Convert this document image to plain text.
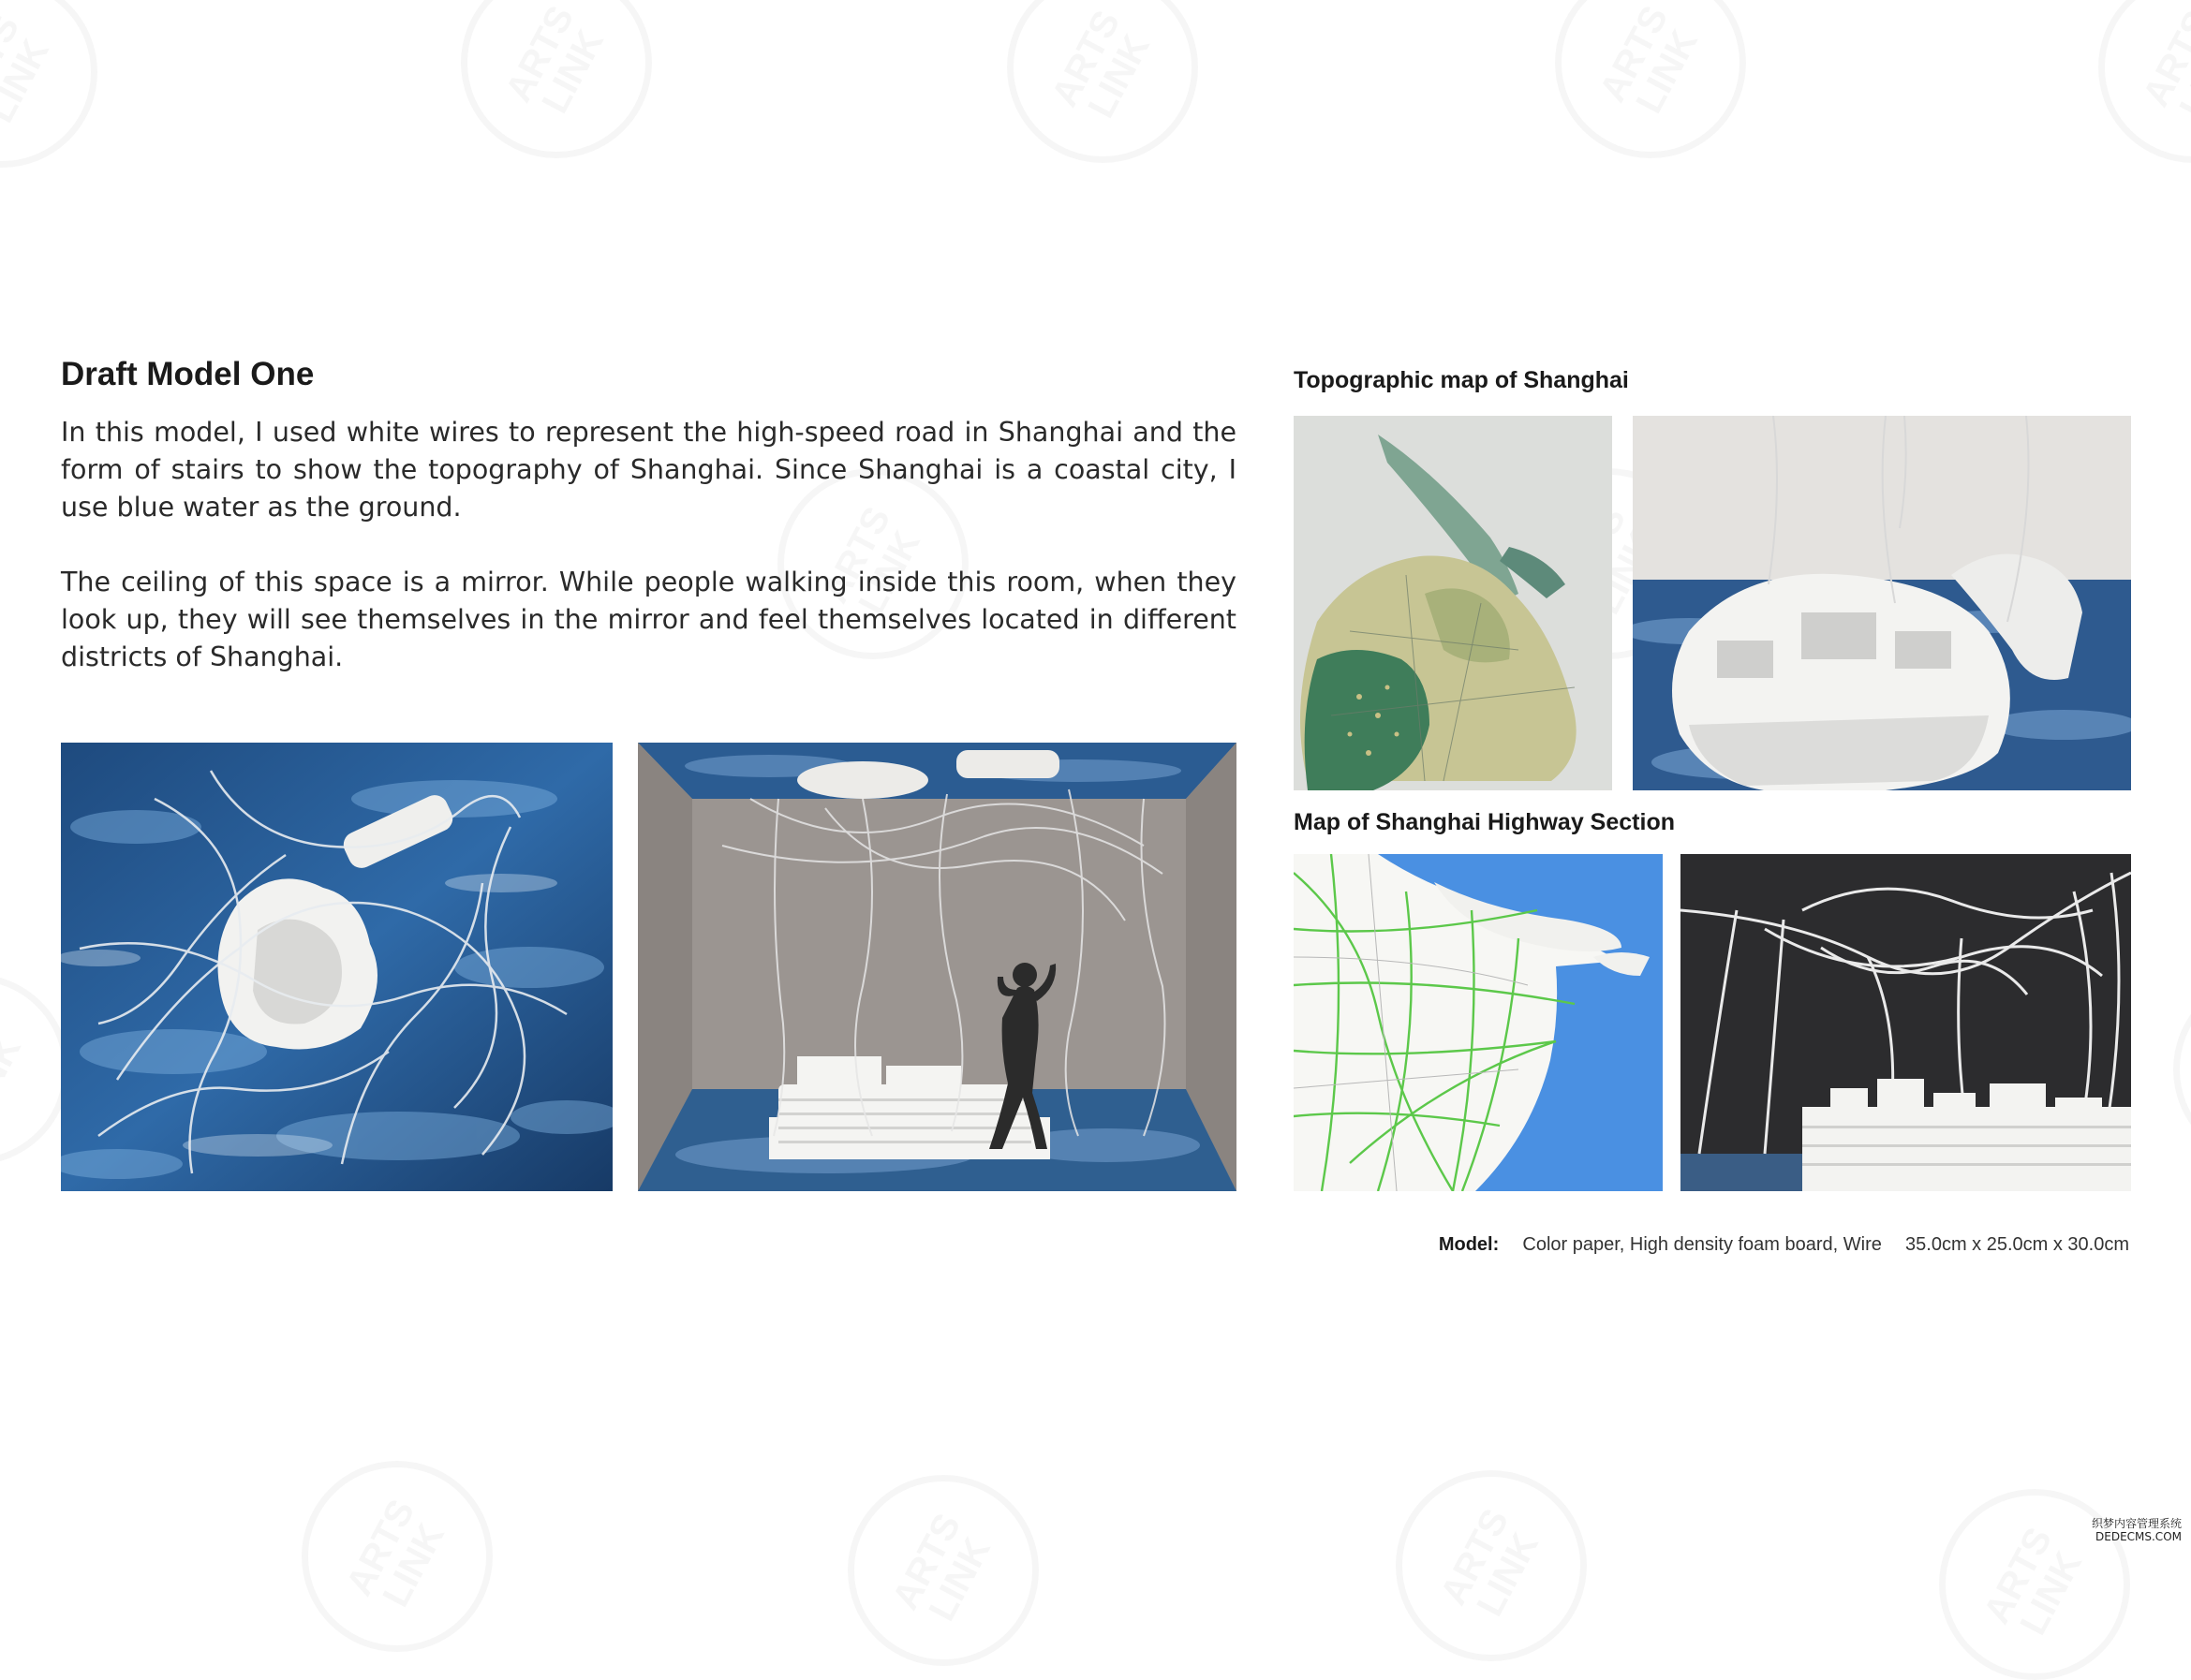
Draft Model One

In this model, I used white wires to represent the high-speed road in Shanghai and the form of stairs to show the topography of Shanghai. Since Shanghai is a coastal city, I use blue water as the ground.

The ceiling of this space is a mirror. While people walking inside this room, when they look up, they will see themselves in the mirror and feel themselves located in different districts of Shanghai.

Topographic map of Shanghai
Map of Shanghai Highway Section
Model: Color paper, High density foam board, Wire 35.0cm x 25.0cm x 30.0cm
织梦内容管理系统
DEDECMS.COM
